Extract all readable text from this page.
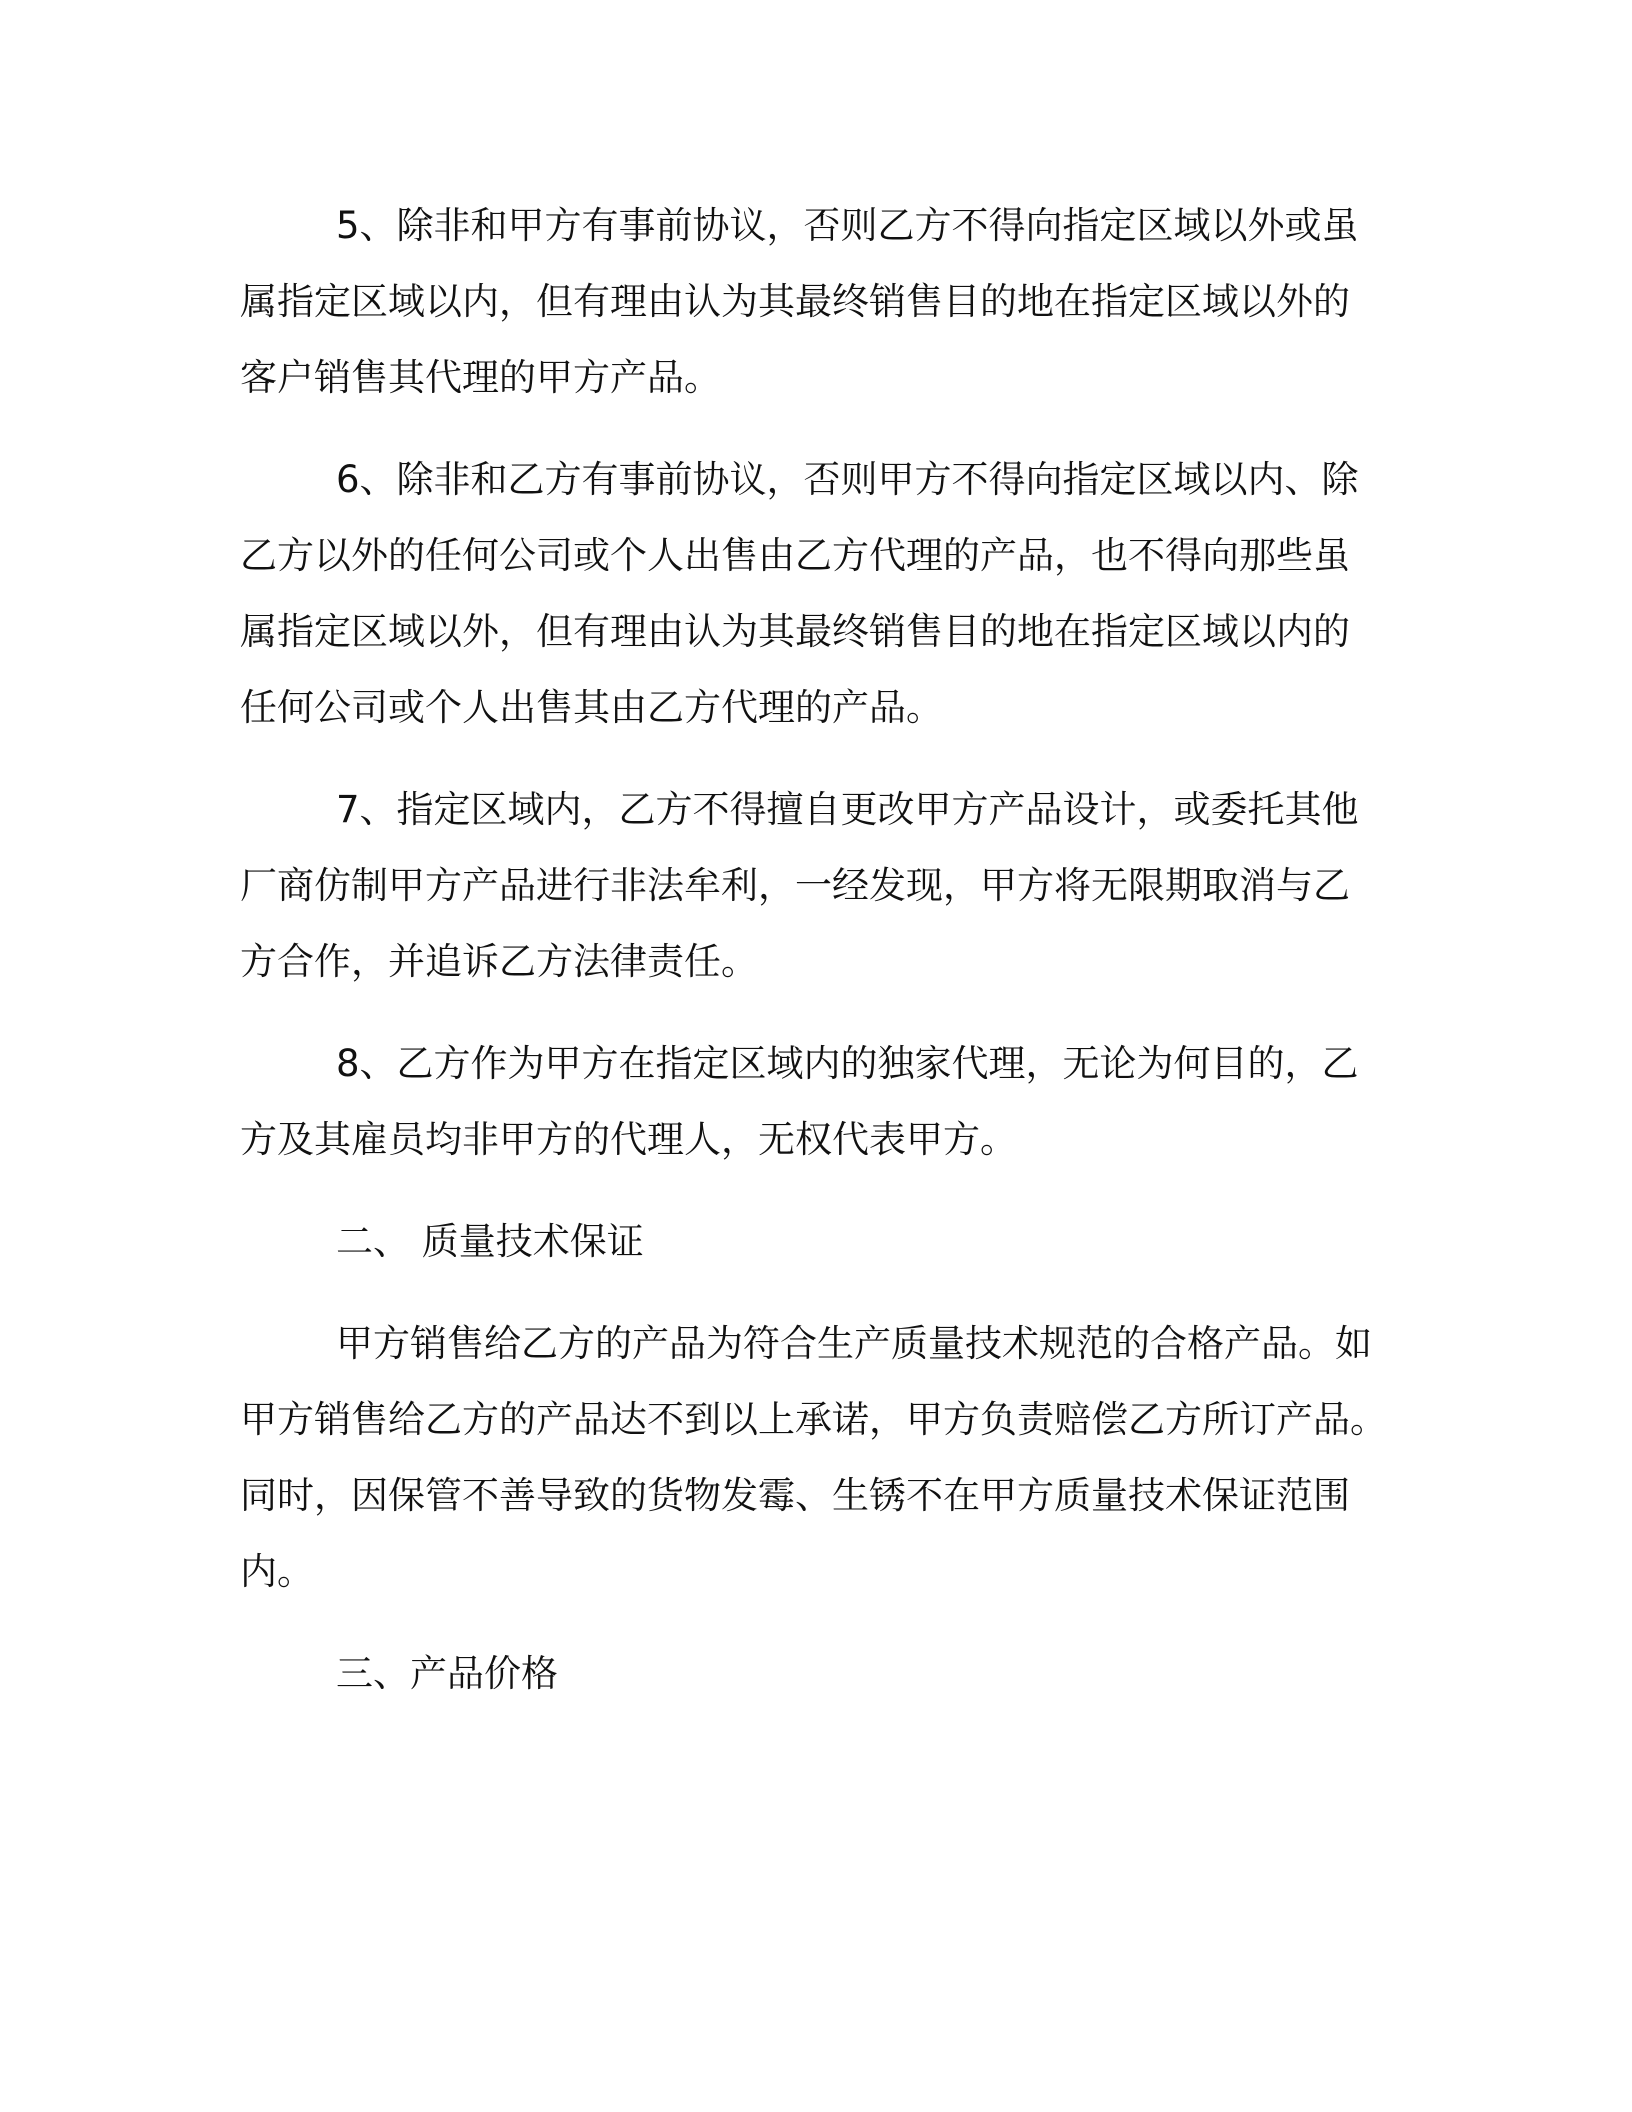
5、除非和甲方有事前协议，否则乙方不得向指定区域以外或虽
属指定区域以内，但有理由认为其最终销售目的地在指定区域以外的
客户销售其代理的甲方产品。
6、除非和乙方有事前协议，否则甲方不得向指定区域以内、除
乙方以外的任何公司或个人出售由乙方代理的产品，也不得向那些虽
属指定区域以外，但有理由认为其最终销售目的地在指定区域以内的
任何公司或个人出售其由乙方代理的产品。
7、指定区域内，乙方不得擅自更改甲方产品设计，或委托其他
厂商仿制甲方产品进行非法牟利，一经发现，甲方将无限期取消与乙
方合作，并追诉乙方法律责任。
8、乙方作为甲方在指定区域内的独家代理，无论为何目的，乙
方及其雇员均非甲方的代理人，无权代表甲方。
二、 质量技术保证
甲方销售给乙方的产品为符合生产质量技术规范的合格产品。如
甲方销售给乙方的产品达不到以上承诺，甲方负责赔偿乙方所订产品。
同时，因保管不善导致的货物发霉、生锈不在甲方质量技术保证范围
内。
三、产品价格
